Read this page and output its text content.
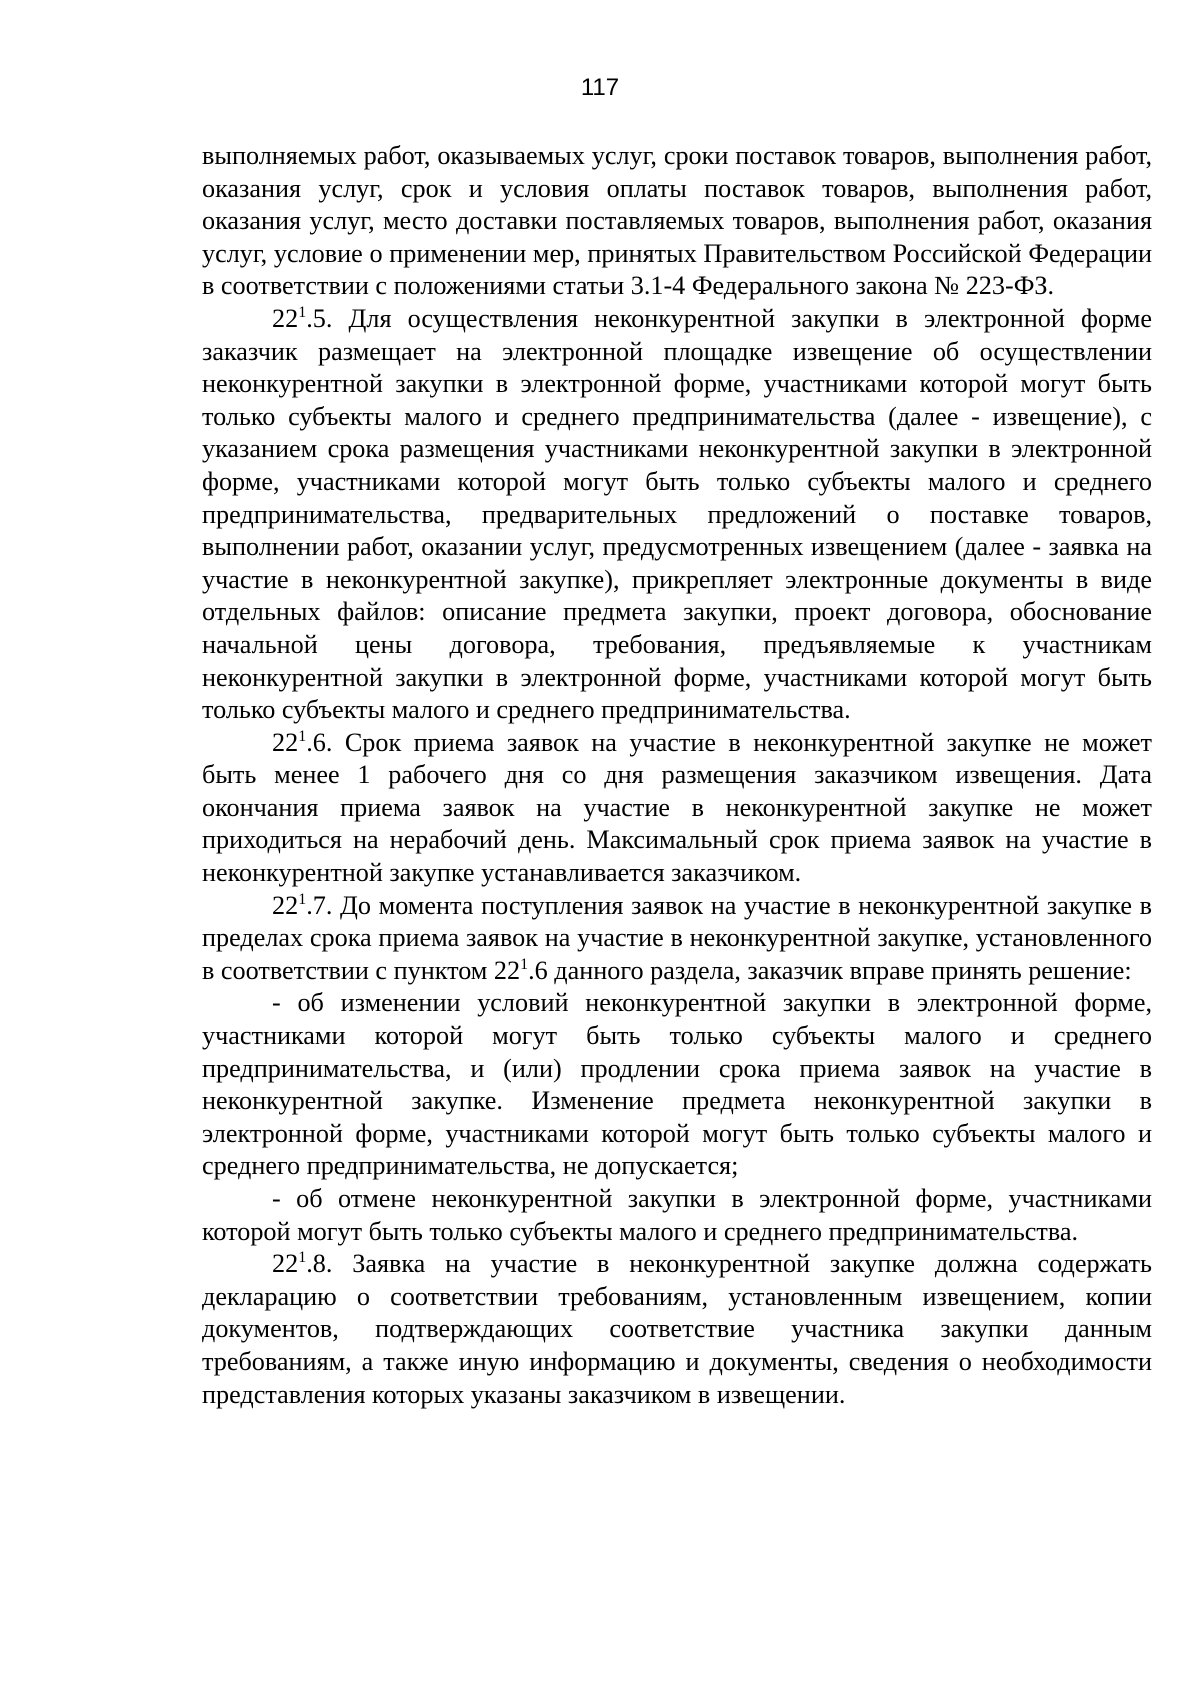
117

выполняемых работ, оказываемых услуг, сроки поставок товаров, выполнения работ, оказания услуг, срок и условия оплаты поставок товаров, выполнения работ, оказания услуг, место доставки поставляемых товаров, выполнения работ, оказания услуг, условие о применении мер, принятых Правительством Российской Федерации в соответствии с положениями статьи 3.1-4 Федерального закона № 223-ФЗ.

$22^1.5$. Для осуществления неконкурентной закупки в электронной форме заказчик размещает на электронной площадке извещение об осуществлении неконкурентной закупки в электронной форме, участниками которой могут быть только субъекты малого и среднего предпринимательства (далее - извещение), с указанием срока размещения участниками неконкурентной закупки в электронной форме, участниками которой могут быть только субъекты малого и среднего предпринимательства, предварительных предложений о поставке товаров, выполнении работ, оказании услуг, предусмотренных извещением (далее - заявка на участие в неконкурентной закупке), прикрепляет электронные документы в виде отдельных файлов: описание предмета закупки, проект договора, обоснование начальной цены договора, требования, предъявляемые к участникам неконкурентной закупки в электронной форме, участниками которой могут быть только субъекты малого и среднего предпринимательства.

$22^1.6$. Срок приема заявок на участие в неконкурентной закупке не может быть менее 1 рабочего дня со дня размещения заказчиком извещения. Дата окончания приема заявок на участие в неконкурентной закупке не может приходиться на нерабочий день. Максимальный срок приема заявок на участие в неконкурентной закупке устанавливается заказчиком.

$22^1.7$. До момента поступления заявок на участие в неконкурентной закупке в пределах срока приема заявок на участие в неконкурентной закупке, установленного в соответствии с пунктом $22^1.6$ данного раздела, заказчик вправе принять решение:

- об изменении условий неконкурентной закупки в электронной форме, участниками которой могут быть только субъекты малого и среднего предпринимательства, и (или) продлении срока приема заявок на участие в неконкурентной закупке. Изменение предмета неконкурентной закупки в электронной форме, участниками которой могут быть только субъекты малого и среднего предпринимательства, не допускается;

- об отмене неконкурентной закупки в электронной форме, участниками которой могут быть только субъекты малого и среднего предпринимательства.

$22^1.8$. Заявка на участие в неконкурентной закупке должна содержать декларацию о соответствии требованиям, установленным извещением, копии документов, подтверждающих соответствие участника закупки данным требованиям, а также иную информацию и документы, сведения о необходимости представления которых указаны заказчиком в извещении.
